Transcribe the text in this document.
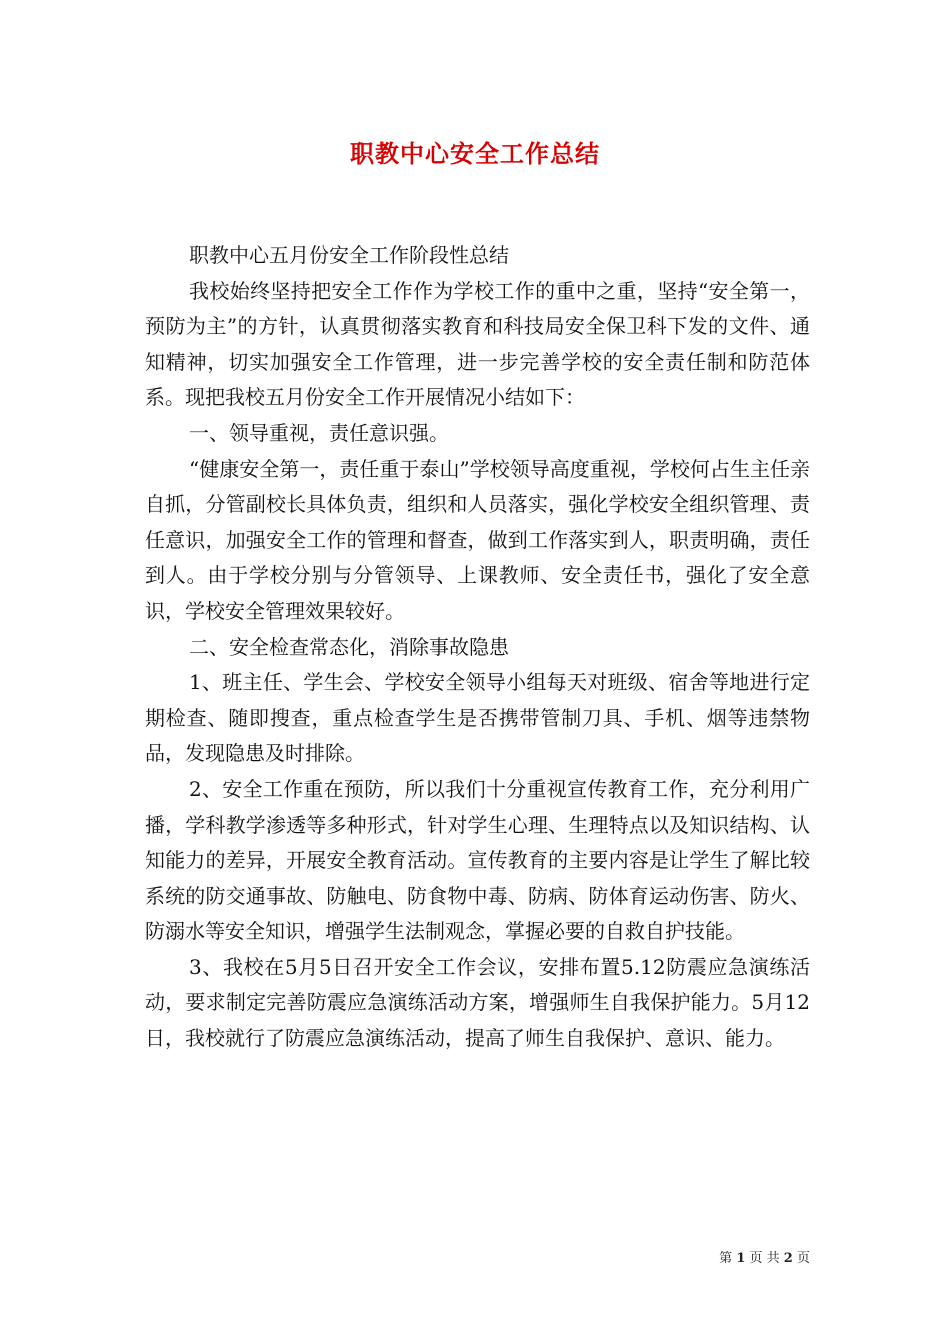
职教中心安全工作总结

职教中心五月份安全工作阶段性总结

我校始终坚持把安全工作作为学校工作的重中之重，坚持“安全第一，预防为主”的方针，认真贯彻落实教育和科技局安全保卫科下发的文件、通知精神，切实加强安全工作管理，进一步完善学校的安全责任制和防范体系。现把我校五月份安全工作开展情况小结如下：

一、领导重视，责任意识强。

“健康安全第一，责任重于泰山”学校领导高度重视，学校何占生主任亲自抓，分管副校长具体负责，组织和人员落实，强化学校安全组织管理、责任意识，加强安全工作的管理和督查，做到工作落实到人，职责明确，责任到人。由于学校分别与分管领导、上课教师、安全责任书，强化了安全意识，学校安全管理效果较好。

二、安全检查常态化，消除事故隐患

1、班主任、学生会、学校安全领导小组每天对班级、宿舍等地进行定期检查、随即搜查，重点检查学生是否携带管制刀具、手机、烟等违禁物品，发现隐患及时排除。

2、安全工作重在预防，所以我们十分重视宣传教育工作，充分利用广播，学科教学渗透等多种形式，针对学生心理、生理特点以及知识结构、认知能力的差异，开展安全教育活动。宣传教育的主要内容是让学生了解比较系统的防交通事故、防触电、防食物中毒、防病、防体育运动伤害、防火、防溺水等安全知识，增强学生法制观念，掌握必要的自救自护技能。

3、我校在5月5日召开安全工作会议，安排布置5.12防震应急演练活动，要求制定完善防震应急演练活动方案，增强师生自我保护能力。5月12日，我校就行了防震应急演练活动，提高了师生自我保护、意识、能力。

第 1 页 共 2 页
